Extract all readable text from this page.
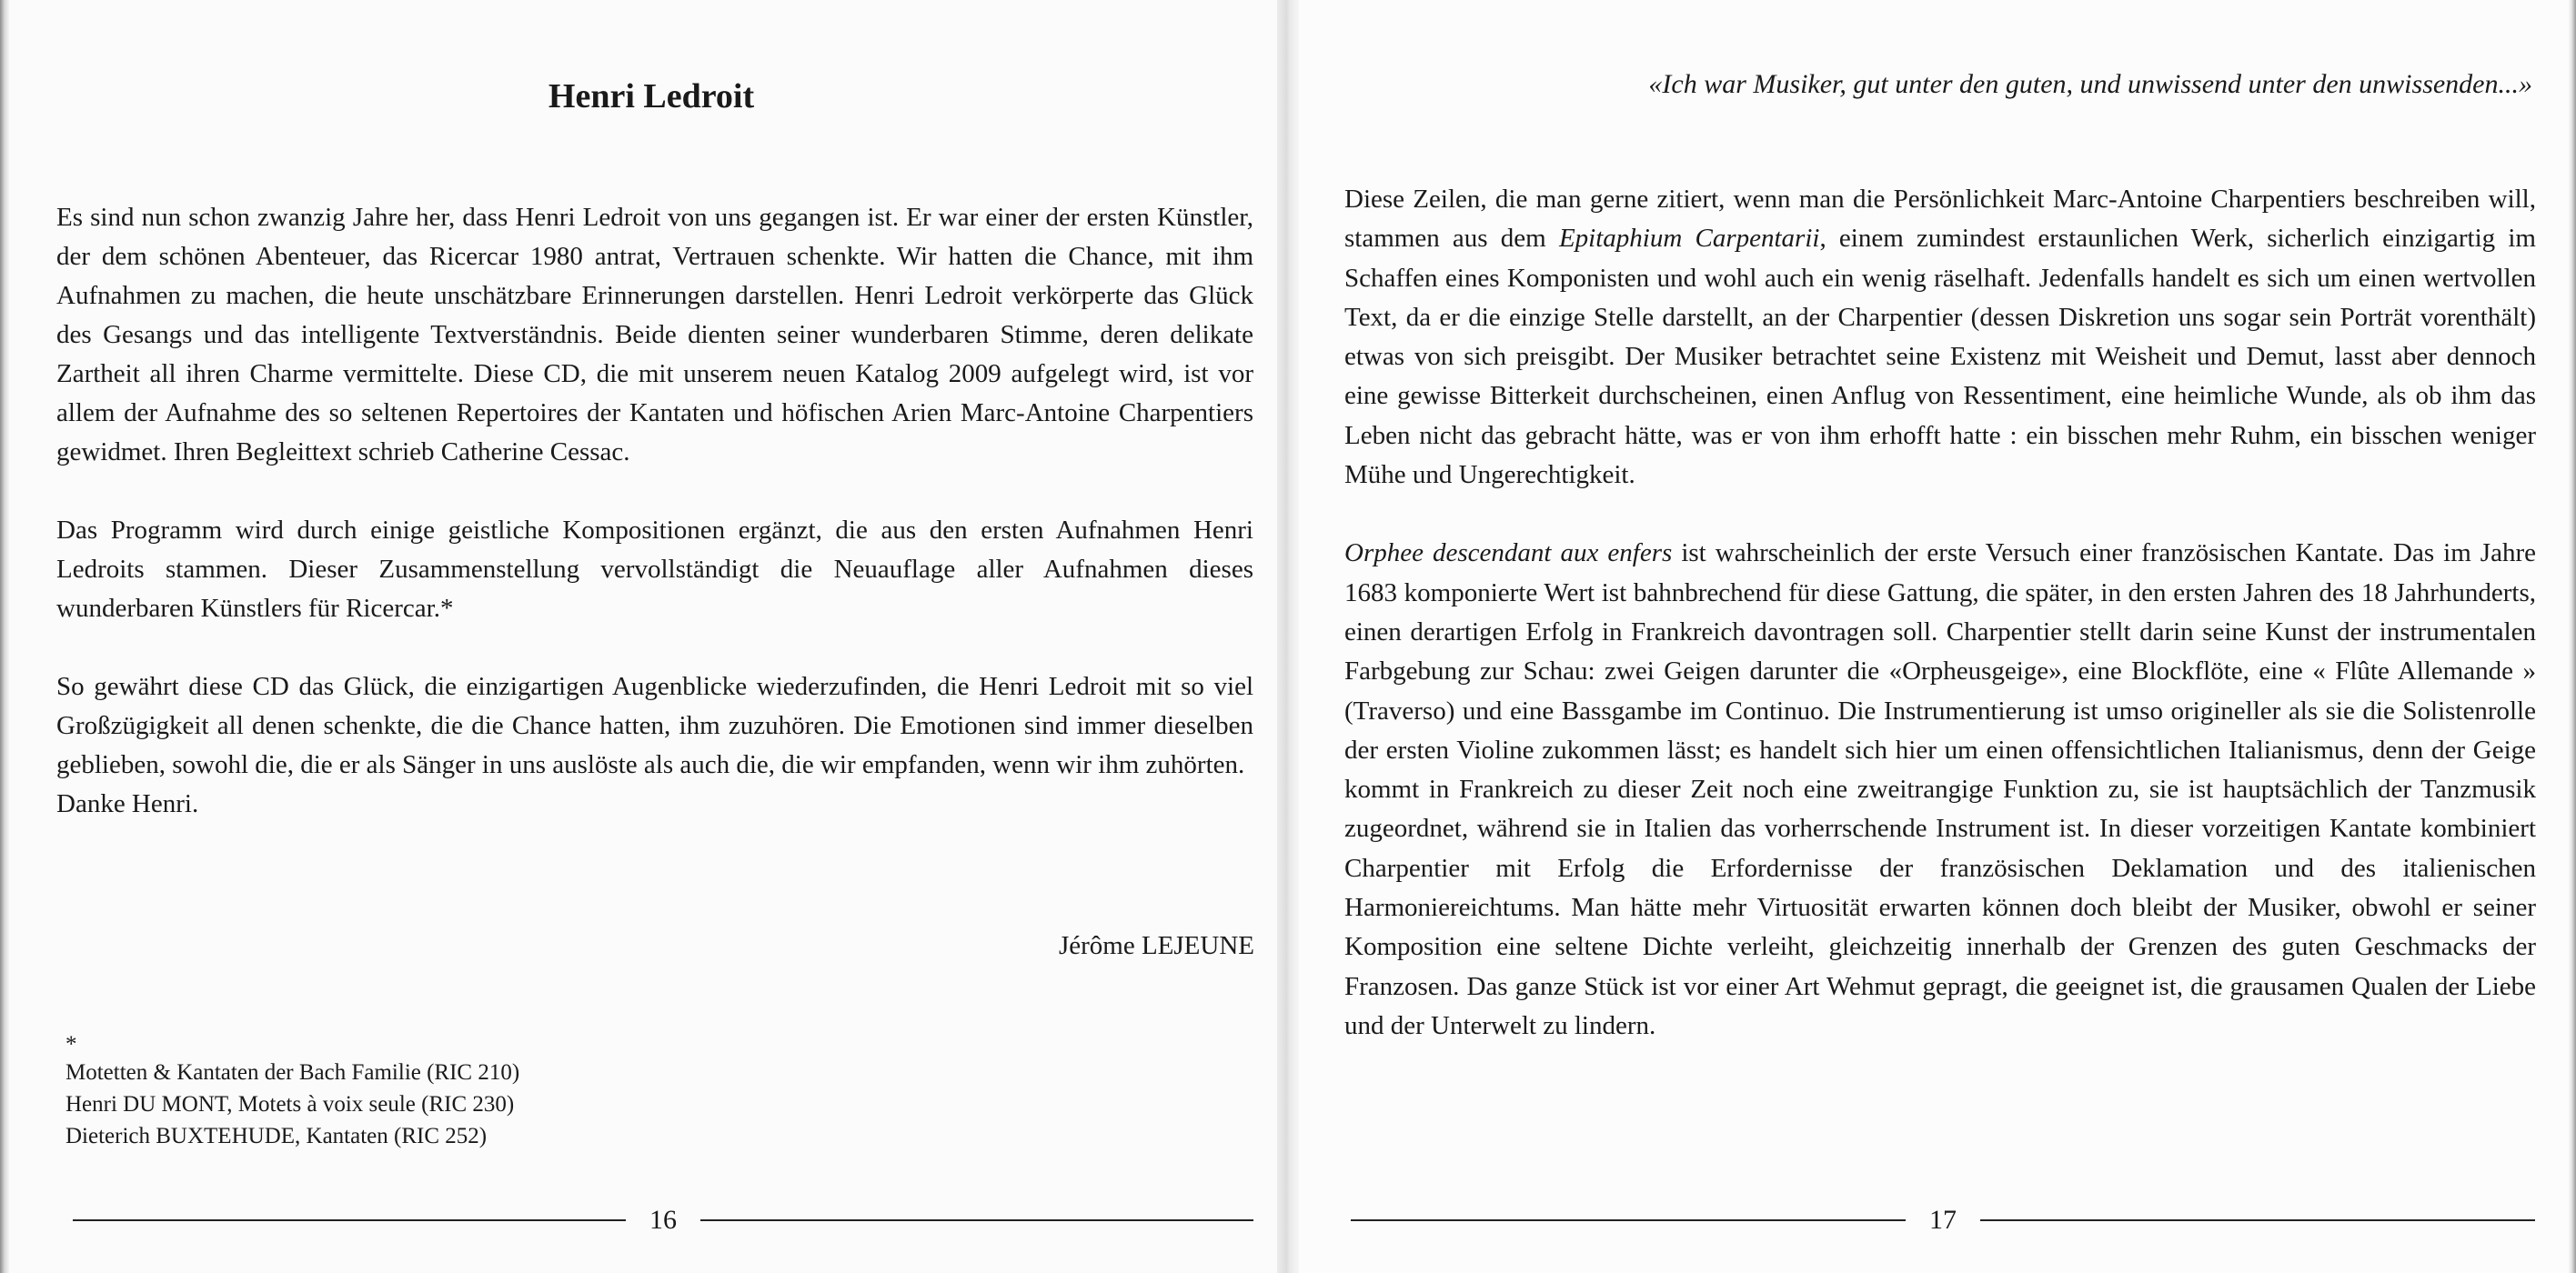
Henri Ledroit

Es sind nun schon zwanzig Jahre her, dass Henri Ledroit von uns gegangen ist. Er war einer der ersten Künstler, der dem schönen Abenteuer, das Ricercar 1980 antrat, Vertrauen schenkte. Wir hatten die Chance, mit ihm Aufnahmen zu machen, die heute unschätzbare Erinnerungen darstellen. Henri Ledroit verkörperte das Glück des Gesangs und das intelligente Textverständnis. Beide dienten seiner wunderbaren Stimme, deren delikate Zartheit all ihren Charme vermittelte. Diese CD, die mit unserem neuen Katalog 2009 aufgelegt wird, ist vor allem der Aufnahme des so seltenen Repertoires der Kantaten und höfischen Arien Marc-Antoine Charpentiers gewidmet. Ihren Begleittext schrieb Catherine Cessac.

Das Programm wird durch einige geistliche Kompositionen ergänzt, die aus den ersten Aufnahmen Henri Ledroits stammen. Dieser Zusammenstellung vervollständigt die Neuauflage aller Aufnahmen dieses wunderbaren Künstlers für Ricercar.*

So gewährt diese CD das Glück, die einzigartigen Augenblicke wiederzufinden, die Henri Ledroit mit so viel Großzügigkeit all denen schenkte, die die Chance hatten, ihm zuzuhören. Die Emotionen sind immer dieselben geblieben, sowohl die, die er als Sänger in uns auslöste als auch die, die wir empfanden, wenn wir ihm zuhörten.
Danke Henri.

Jérôme LEJEUNE
*
Motetten & Kantaten der Bach Familie (RIC 210)
Henri DU MONT, Motets à voix seule (RIC 230)
Dieterich BUXTEHUDE, Kantaten (RIC 252)
16
«Ich war Musiker, gut unter den guten, und unwissend unter den unwissenden...»

Diese Zeilen, die man gerne zitiert, wenn man die Persönlichkeit Marc-Antoine Charpentiers beschreiben will, stammen aus dem Epitaphium Carpentarii, einem zumindest erstaunlichen Werk, sicherlich einzigartig im Schaffen eines Komponisten und wohl auch ein wenig räselhaft. Jedenfalls handelt es sich um einen wertvollen Text, da er die einzige Stelle darstellt, an der Charpentier (dessen Diskretion uns sogar sein Porträt vorenthält) etwas von sich preisgibt. Der Musiker betrachtet seine Existenz mit Weisheit und Demut, lasst aber dennoch eine gewisse Bitterkeit durchscheinen, einen Anflug von Ressentiment, eine heimliche Wunde, als ob ihm das Leben nicht das gebracht hätte, was er von ihm erhofft hatte : ein bisschen mehr Ruhm, ein bisschen weniger Mühe und Ungerechtigkeit.

Orphee descendant aux enfers ist wahrscheinlich der erste Versuch einer französischen Kantate. Das im Jahre 1683 komponierte Wert ist bahnbrechend für diese Gattung, die später, in den ersten Jahren des 18 Jahrhunderts, einen derartigen Erfolg in Frankreich davontragen soll. Charpentier stellt darin seine Kunst der instrumentalen Farbgebung zur Schau: zwei Geigen darunter die «Orpheusgeige», eine Blockflöte, eine « Flûte Allemande » (Traverso) und eine Bassgambe im Continuo. Die Instrumentierung ist umso origineller als sie die Solistenrolle der ersten Violine zukommen lässt; es handelt sich hier um einen offensichtlichen Italianismus, denn der Geige kommt in Frankreich zu dieser Zeit noch eine zweitrangige Funktion zu, sie ist hauptsächlich der Tanzmusik zugeordnet, während sie in Italien das vorherrschende Instrument ist. In dieser vorzeitigen Kantate kombiniert Charpentier mit Erfolg die Erfordernisse der französischen Deklamation und des italienischen Harmoniereichtums. Man hätte mehr Virtuosität erwarten können doch bleibt der Musiker, obwohl er seiner Komposition eine seltene Dichte verleiht, gleichzeitig innerhalb der Grenzen des guten Geschmacks der Franzosen. Das ganze Stück ist vor einer Art Wehmut gepragt, die geeignet ist, die grausamen Qualen der Liebe und der Unterwelt zu lindern.

17
